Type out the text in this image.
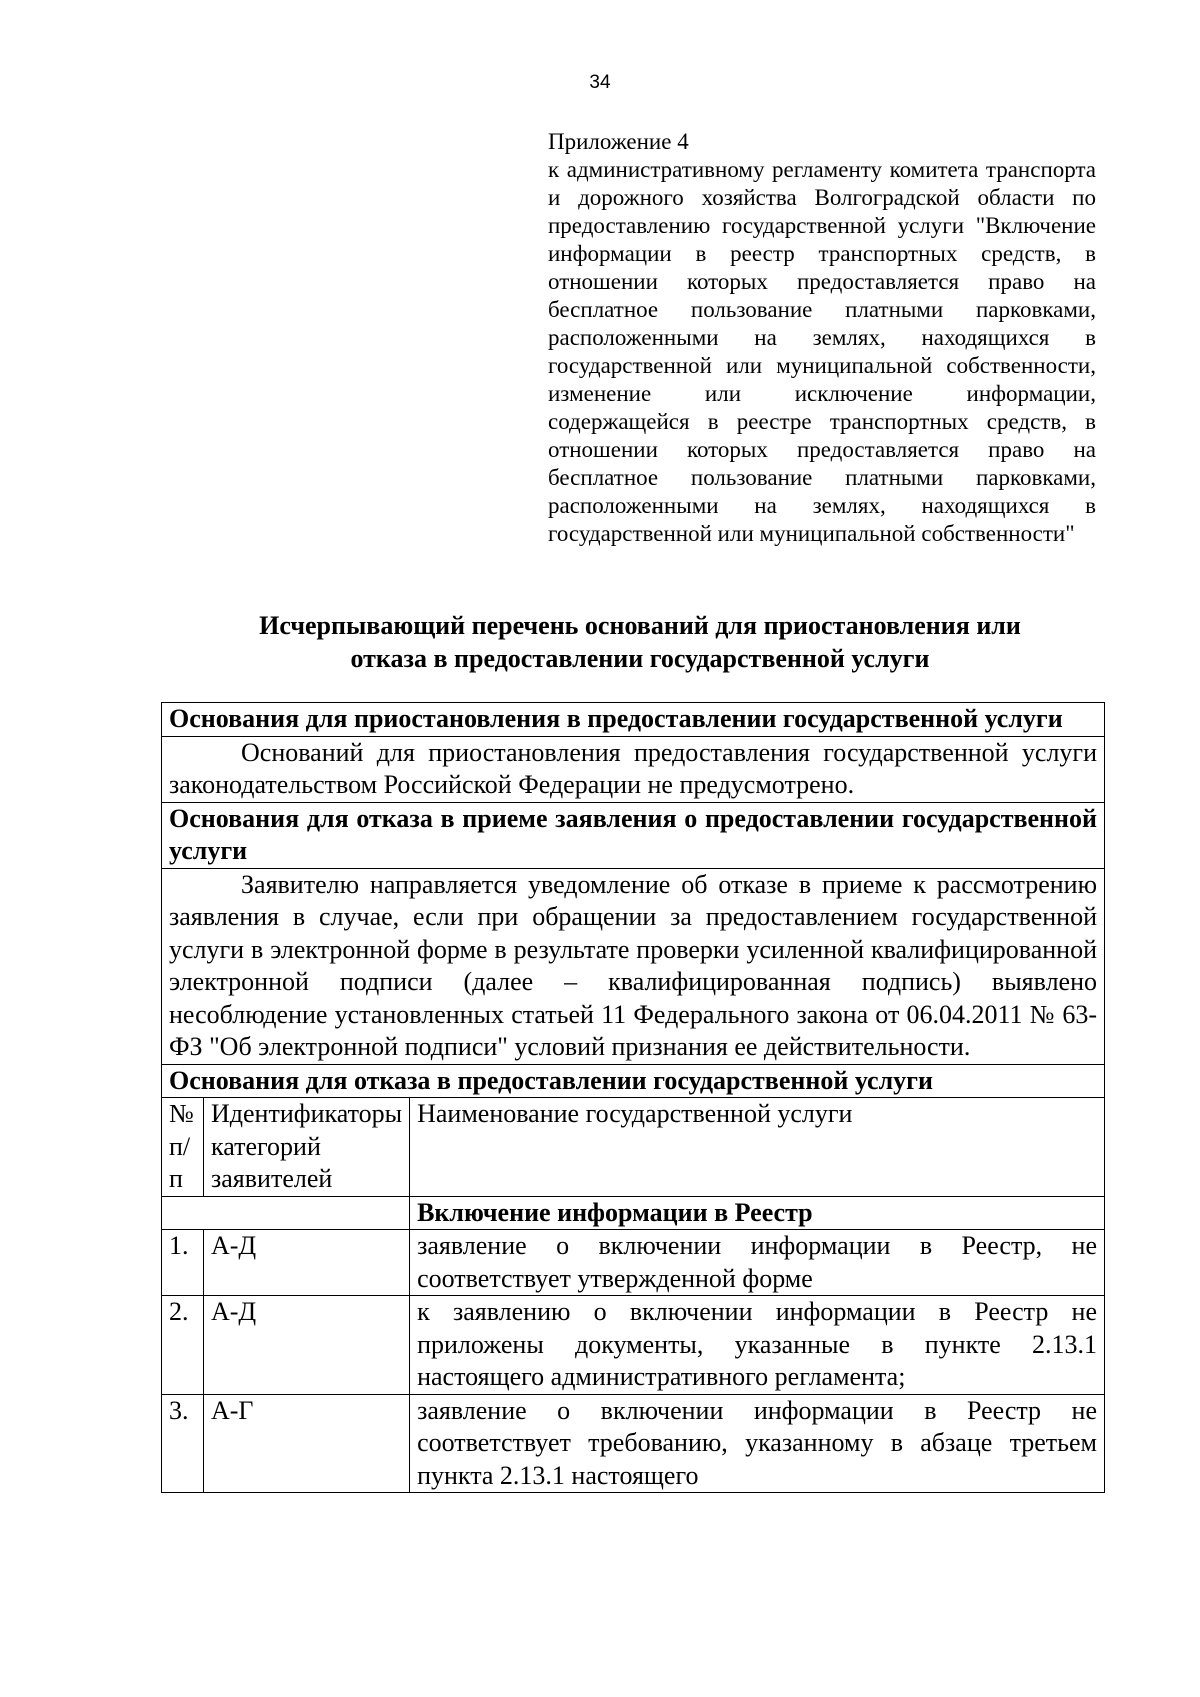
34
Приложение 4
к административному регламенту комитета транспорта и дорожного хозяйства Волгоградской области по предоставлению государственной услуги "Включение информации в реестр транспортных средств, в отношении которых предоставляется право на бесплатное пользование платными парковками, расположенными на землях, находящихся в государственной или муниципальной собственности, изменение или исключение информации, содержащейся в реестре транспортных средств, в отношении которых предоставляется право на бесплатное пользование платными парковками, расположенными на землях, находящихся в государственной или муниципальной собственности"
Исчерпывающий перечень оснований для приостановления или
отказа в предоставлении государственной услуги
Основания для приостановления в предоставлении государственной услуги		
Оснований для приостановления предоставления государственной услуги законодательством Российской Федерации не предусмотрено.		
Основания для отказа в приеме заявления о предоставлении государственной услуги		
Заявителю направляется уведомление об отказе в приеме к рассмотрению заявления в случае, если при обращении за предоставлением государственной услуги в электронной форме в результате проверки усиленной квалифицированной электронной подписи (далее – квалифицированная подпись) выявлено несоблюдение установленных статьей 11 Федерального закона от 06.04.2011 № 63-ФЗ "Об электронной подписи" условий признания ее действительности.		
Основания для отказа в предоставлении государственной услуги		
№ п/п	Идентификаторы категорий заявителей	Наименование государственной услуги
		Включение информации в Реестр
1.	А-Д	заявление о включении информации в Реестр, не соответствует утвержденной форме
2.	А-Д	к заявлению о включении информации в Реестр не приложены документы, указанные в пункте 2.13.1 настоящего административного регламента;
3.	А-Г	заявление о включении информации в Реестр не соответствует требованию, указанному в абзаце третьем пункта 2.13.1 настоящего
